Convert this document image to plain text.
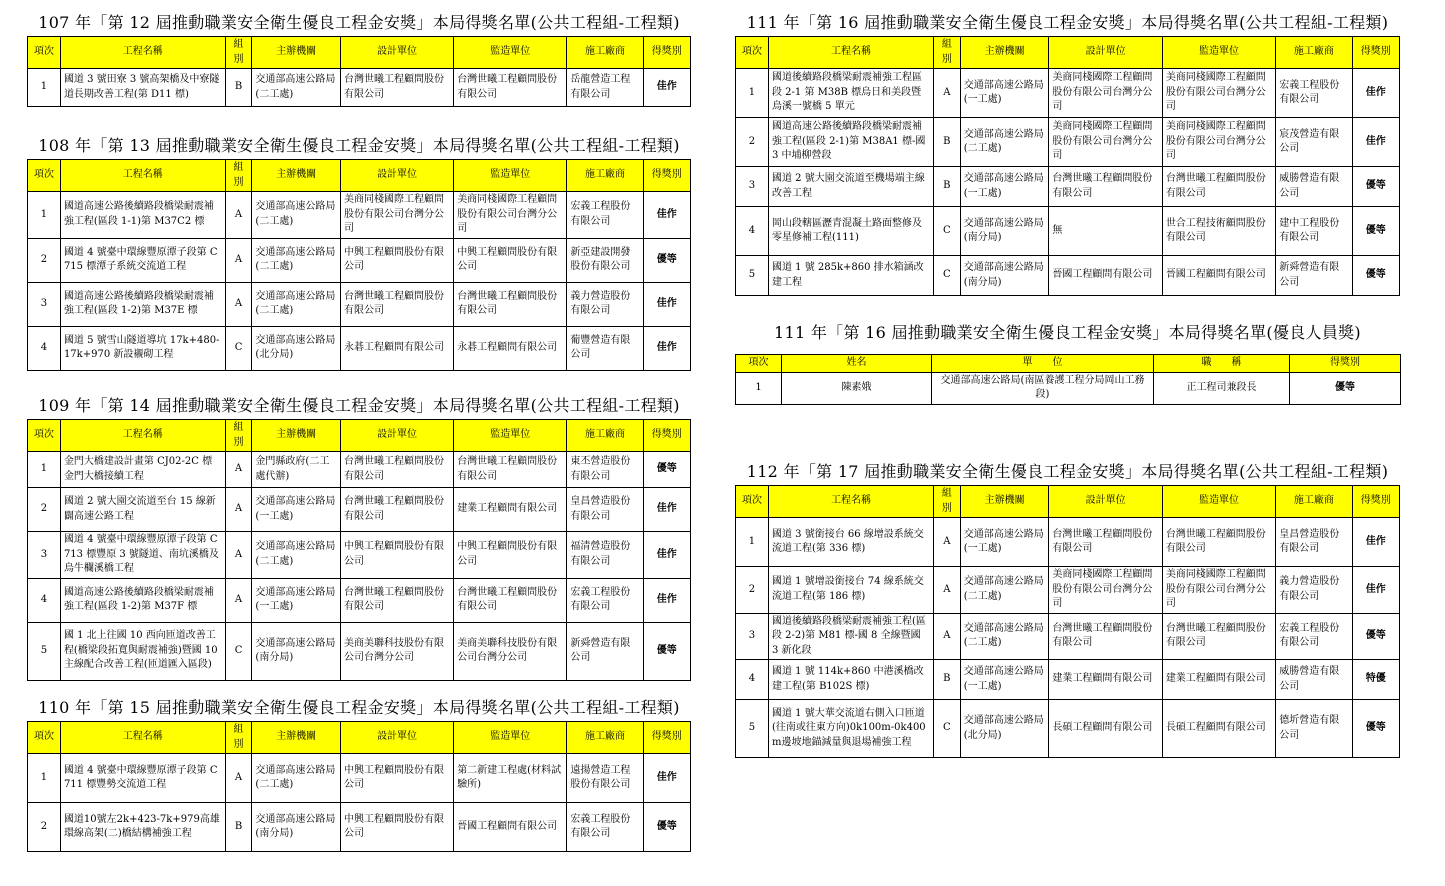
107 年「第 12 屆推動職業安全衛生優良工程金安獎」本局得獎名單(公共工程組-工程類)
項次	工程名稱	組別	主辦機關	設計單位	監造單位	施工廠商	得獎別
1	國道 3 號田寮 3 號高架橋及中寮隧道長期改善工程(第 D11 標)	B	交通部高速公路局(二工處)	台灣世曦工程顧問股份有限公司	台灣世曦工程顧問股份有限公司	岳龍營造工程有限公司	佳作
108 年「第 13 屆推動職業安全衛生優良工程金安獎」本局得獎名單(公共工程組-工程類)
項次	工程名稱	組別	主辦機關	設計單位	監造單位	施工廠商	得獎別
1	國道高速公路後續路段橋梁耐震補強工程(區段 1-1)第 M37C2 標	A	交通部高速公路局(二工處)	美商同棧國際工程顧問股份有限公司台灣分公司	美商同棧國際工程顧問股份有限公司台灣分公司	宏義工程股份有限公司	佳作
2	國道 4 號臺中環線豐原潭子段第 C715 標潭子系統交流道工程	A	交通部高速公路局(二工處)	中興工程顧問股份有限公司	中興工程顧問股份有限公司	新亞建設開發股份有限公司	優等
3	國道高速公路後續路段橋梁耐震補強工程(區段 1-2)第 M37E 標	A	交通部高速公路局(二工處)	台灣世曦工程顧問股份有限公司	台灣世曦工程顧問股份有限公司	義力營造股份有限公司	佳作
4	國道 5 號雪山隧道導坑 17k+480-17k+970 新設襯砌工程	C	交通部高速公路局(北分局)	永碁工程顧問有限公司	永碁工程顧問有限公司	葡豐營造有限公司	佳作
109 年「第 14 屆推動職業安全衛生優良工程金安獎」本局得獎名單(公共工程組-工程類)
項次	工程名稱	組別	主辦機關	設計單位	監造單位	施工廠商	得獎別
1	金門大橋建設計畫第 CJ02-2C 標金門大橋接續工程	A	金門縣政府(二工處代辦)	台灣世曦工程顧問股份有限公司	台灣世曦工程顧問股份有限公司	東丕營造股份有限公司	優等
2	國道 2 號大園交流道至台 15 線新闢高速公路工程	A	交通部高速公路局(一工處)	台灣世曦工程顧問股份有限公司	建業工程顧問有限公司	皇昌營造股份有限公司	佳作
3	國道 4 號臺中環線豐原潭子段第 C713 標豐原 3 號隧道、南坑溪橋及烏牛欄溪橋工程	A	交通部高速公路局(二工處)	中興工程顧問股份有限公司	中興工程顧問股份有限公司	福清營造股份有限公司	佳作
4	國道高速公路後續路段橋梁耐震補強工程(區段 1-2)第 M37F 標	A	交通部高速公路局(一工處)	台灣世曦工程顧問股份有限公司	台灣世曦工程顧問股份有限公司	宏義工程股份有限公司	佳作
5	國 1 北上往國 10 西向匝道改善工程(橋梁段拓寬與耐震補強)暨國 10 主線配合改善工程(匝道匯入區段)	C	交通部高速公路局(南分局)	美商美聯科技股份有限公司台灣分公司	美商美聯科技股份有限公司台灣分公司	新舜營造有限公司	優等
110 年「第 15 屆推動職業安全衛生優良工程金安獎」本局得獎名單(公共工程組-工程類)
項次	工程名稱	組別	主辦機關	設計單位	監造單位	施工廠商	得獎別
1	國道 4 號臺中環線豐原潭子段第 C711 標豐勢交流道工程	A	交通部高速公路局(二工處)	中興工程顧問股份有限公司	第二新建工程處(材料試驗所)	遠揚營造工程股份有限公司	佳作
2	國道10號左2k+423-7k+979高雄環線高架(二)橋結構補強工程	B	交通部高速公路局(南分局)	中興工程顧問股份有限公司	晉國工程顧問有限公司	宏義工程股份有限公司	優等
111 年「第 16 屆推動職業安全衛生優良工程金安獎」本局得獎名單(公共工程組-工程類)
項次	工程名稱	組別	主辦機關	設計單位	監造單位	施工廠商	得獎別
1	國道後續路段橋梁耐震補強工程區段 2-1 第 M38B 標烏日和美段暨烏溪一號橋 5 單元	A	交通部高速公路局(一工處)	美商同棧國際工程顧問股份有限公司台灣分公司	美商同棧國際工程顧問股份有限公司台灣分公司	宏義工程股份有限公司	佳作
2	國道高速公路後續路段橋梁耐震補強工程(區段 2-1)第 M38A1 標-國 3 中埔柳營段	B	交通部高速公路局(二工處)	美商同棧國際工程顧問股份有限公司台灣分公司	美商同棧國際工程顧問股份有限公司台灣分公司	宸茂營造有限公司	佳作
3	國道 2 號大園交流道至機場端主線改善工程	B	交通部高速公路局(一工處)	台灣世曦工程顧問股份有限公司	台灣世曦工程顧問股份有限公司	威勝營造有限公司	優等
4	岡山段轄區瀝青混凝土路面整修及零星修補工程(111)	C	交通部高速公路局(南分局)	無	世合工程技術顧問股份有限公司	建中工程股份有限公司	優等
5	國道 1 號 285k+860 排水箱涵改建工程	C	交通部高速公路局(南分局)	晉國工程顧問有限公司	晉國工程顧問有限公司	新舜營造有限公司	優等
111 年「第 16 屆推動職業安全衛生優良工程金安獎」本局得獎名單(優良人員獎)
項次	姓名	單　　位	職　　稱	得獎別
1	陳素娥	交通部高速公路局(南區養護工程分局岡山工務段)	正工程司兼段長	優等
112 年「第 17 屆推動職業安全衛生優良工程金安獎」本局得獎名單(公共工程組-工程類)
項次	工程名稱	組別	主辦機關	設計單位	監造單位	施工廠商	得獎別
1	國道 3 號銜接台 66 線增設系統交流道工程(第 336 標)	A	交通部高速公路局(一工處)	台灣世曦工程顧問股份有限公司	台灣世曦工程顧問股份有限公司	皇昌營造股份有限公司	佳作
2	國道 1 號增設銜接台 74 線系統交流道工程(第 186 標)	A	交通部高速公路局(二工處)	美商同棧國際工程顧問股份有限公司台灣分公司	美商同棧國際工程顧問股份有限公司台灣分公司	義力營造股份有限公司	佳作
3	國道後續路段橋梁耐震補強工程(區段 2-2)第 M81 標-國 8 全線暨國 3 新化段	A	交通部高速公路局(二工處)	台灣世曦工程顧問股份有限公司	台灣世曦工程顧問股份有限公司	宏義工程股份有限公司	優等
4	國道 1 號 114k+860 中港溪橋改建工程(第 B102S 標)	B	交通部高速公路局(一工處)	建業工程顧問有限公司	建業工程顧問有限公司	威勝營造有限公司	特優
5	國道 1 號大華交流道右側入口匝道(往南或往東方向)0k100m-0k400m邊坡地錨減量與退場補強工程	C	交通部高速公路局(北分局)	長碩工程顧問有限公司	長碩工程顧問有限公司	德圻營造有限公司	優等
